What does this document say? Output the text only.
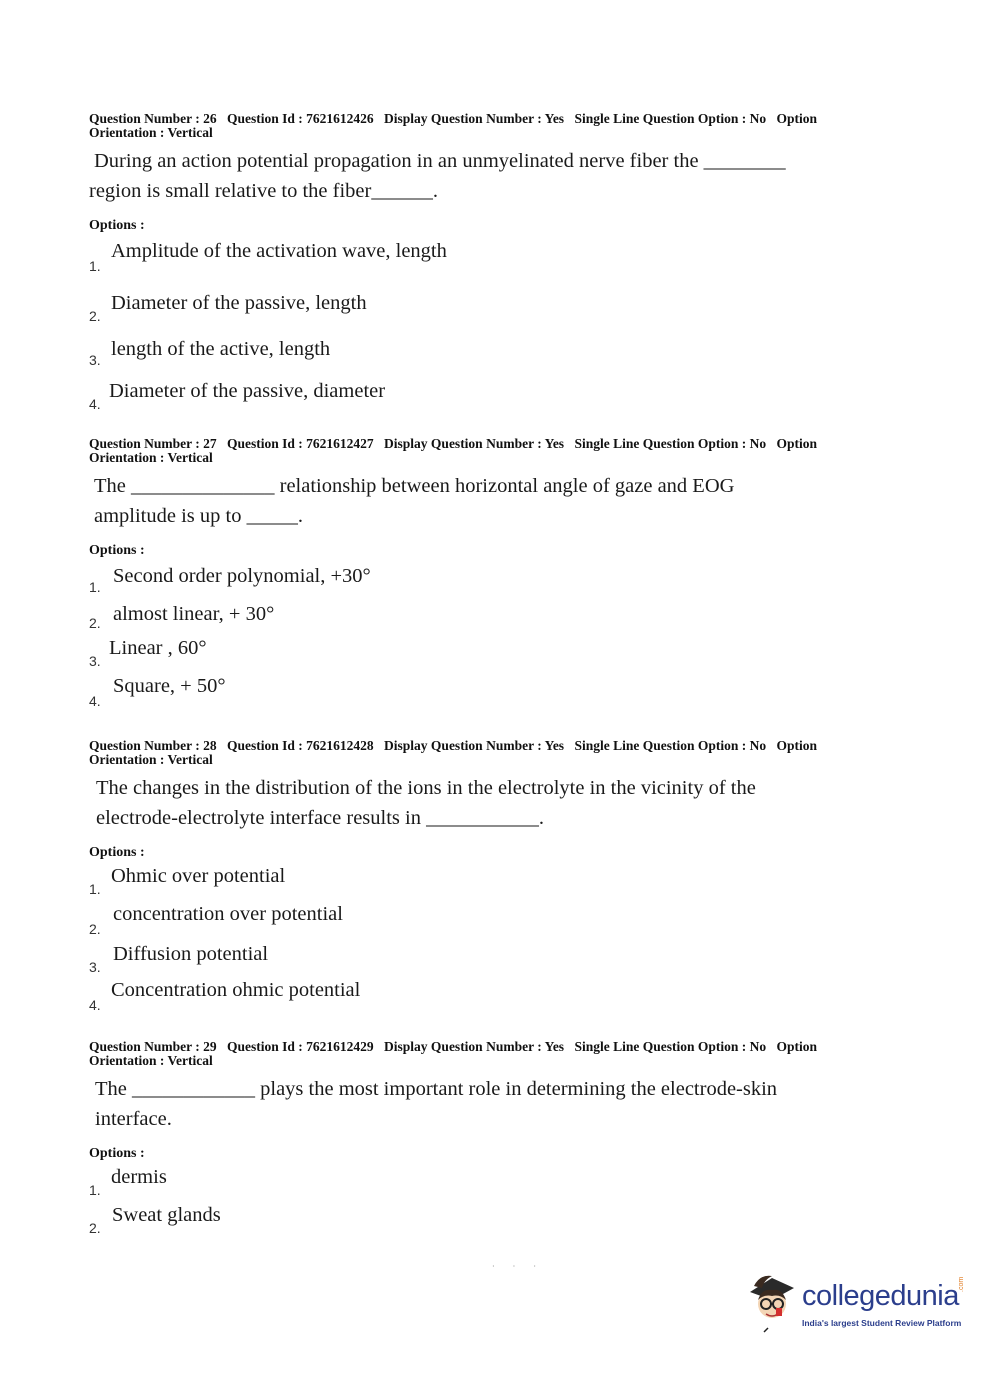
Question Number : 26 Question Id : 7621612426 Display Question Number : Yes Single Line Question Option : No Option
Orientation : Vertical
During an action potential propagation in an unmyelinated nerve fiber the ________
region is small relative to the fiber______.
Options :
1.
Amplitude of the activation wave, length
2.
Diameter of the passive, length
3. length of the active, length
4.
Diameter of the passive, diameter
Question Number : 27 Question Id : 7621612427 Display Question Number : Yes Single Line Question Option : No Option
Orientation : Vertical
The ______________ relationship between horizontal angle of gaze and EOG
amplitude is up to _____.
Options :
1. Second order polynomial, +30°
2. almost linear, + 30°
3.
Linear , 60°
4.
Square, + 50°
Question Number : 28 Question Id : 7621612428 Display Question Number : Yes Single Line Question Option : No Option
Orientation : Vertical
The changes in the distribution of the ions in the electrolyte in the vicinity of the
electrode-electrolyte interface results in ___________.
Options :
1.
Ohmic over potential
2.
concentration over potential
3.
Diffusion potential
4.
Concentration ohmic potential
Question Number : 29 Question Id : 7621612429 Display Question Number : Yes Single Line Question Option : No Option
Orientation : Vertical
The ____________ plays the most important role in determining the electrode-skin
interface.
Options :
1.
dermis
2.
Sweat glands
· · ·
collegedunia .com
India's largest Student Review Platform
